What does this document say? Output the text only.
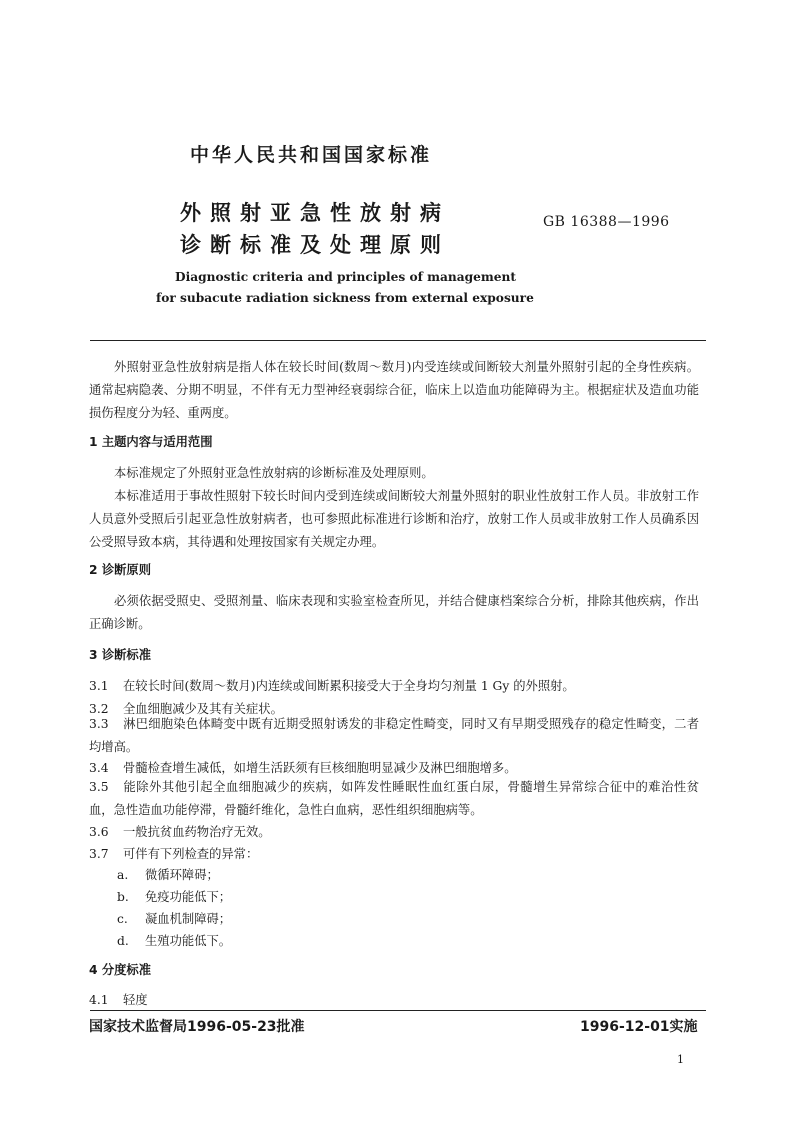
中华人民共和国国家标准
外照射亚急性放射病
诊断标准及处理原则
GB 16388—1996
Diagnostic criteria and principles of management
for subacute radiation sickness from external exposure
外照射亚急性放射病是指人体在较长时间(数周～数月)内受连续或间断较大剂量外照射引起的全身性疾病。通常起病隐袭、分期不明显，不伴有无力型神经衰弱综合征，临床上以造血功能障碍为主。根据症状及造血功能损伤程度分为轻、重两度。
1 主题内容与适用范围
本标准规定了外照射亚急性放射病的诊断标准及处理原则。
本标准适用于事故性照射下较长时间内受到连续或间断较大剂量外照射的职业性放射工作人员。非放射工作人员意外受照后引起亚急性放射病者，也可参照此标准进行诊断和治疗，放射工作人员或非放射工作人员确系因公受照导致本病，其待遇和处理按国家有关规定办理。
2 诊断原则
必须依据受照史、受照剂量、临床表现和实验室检查所见，并结合健康档案综合分析，排除其他疾病，作出正确诊断。
3 诊断标准
3.1 在较长时间(数周～数月)内连续或间断累积接受大于全身均匀剂量 1 Gy 的外照射。
3.2 全血细胞减少及其有关症状。
3.3 淋巴细胞染色体畸变中既有近期受照射诱发的非稳定性畸变，同时又有早期受照残存的稳定性畸变，二者均增高。
3.4 骨髓检查增生减低，如增生活跃须有巨核细胞明显减少及淋巴细胞增多。
3.5 能除外其他引起全血细胞减少的疾病，如阵发性睡眠性血红蛋白尿，骨髓增生异常综合征中的难治性贫血，急性造血功能停滞，骨髓纤维化，急性白血病，恶性组织细胞病等。
3.6 一般抗贫血药物治疗无效。
3.7 可伴有下列检查的异常：
a. 微循环障碍；
b. 免疫功能低下；
c. 凝血机制障碍；
d. 生殖功能低下。
4 分度标准
4.1 轻度
国家技术监督局1996-05-23批准	1996-12-01实施
1
